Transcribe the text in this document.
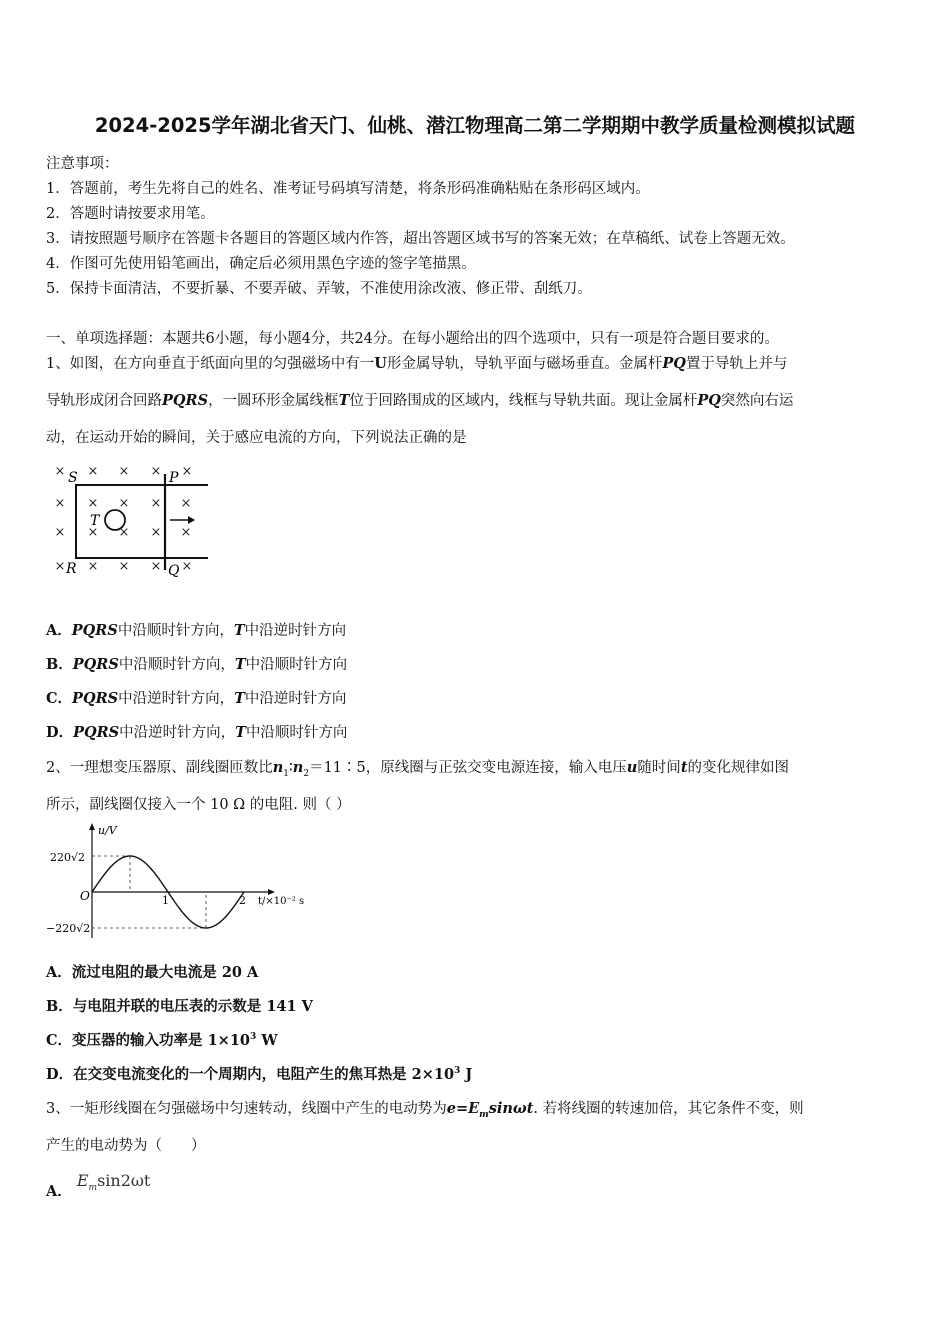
2024-2025学年湖北省天门、仙桃、潜江物理高二第二学期期中教学质量检测模拟试题
注意事项：
1．答题前，考生先将自己的姓名、准考证号码填写清楚，将条形码准确粘贴在条形码区域内。
2．答题时请按要求用笔。
3．请按照题号顺序在答题卡各题目的答题区域内作答，超出答题区域书写的答案无效；在草稿纸、试卷上答题无效。
4．作图可先使用铅笔画出，确定后必须用黑色字迹的签字笔描黑。
5．保持卡面清洁，不要折暴、不要弄破、弄皱，不准使用涂改液、修正带、刮纸刀。
一、单项选择题：本题共6小题，每小题4分，共24分。在每小题给出的四个选项中，只有一项是符合题目要求的。
1、如图，在方向垂直于纸面向里的匀强磁场中有一U形金属导轨，导轨平面与磁场垂直。金属杆PQ置于导轨上并与
导轨形成闭合回路PQRS，一圆环形金属线框T位于回路围成的区域内，线框与导轨共面。现让金属杆PQ突然向右运
动，在运动开始的瞬间，关于感应电流的方向，下列说法正确的是
× × × × ×
× × × × ×
× × × × ×
× × × × ×
S	P
T
R	Q
A．PQRS中沿顺时针方向，T中沿逆时针方向
B．PQRS中沿顺时针方向，T中沿顺时针方向
C．PQRS中沿逆时针方向，T中沿逆时针方向
D．PQRS中沿逆时针方向，T中沿顺时针方向
2、一理想变压器原、副线圈匝数比$n_1∶n_2=11∶5$，原线圈与正弦交变电源连接，输入电压u随时间t的变化规律如图
所示，副线圈仅接入一个 10 Ω 的电阻. 则（ ）
u/V
220√2
−220√2
O	1	2 t/×10⁻² s
A．流过电阻的最大电流是 20 A
B．与电阻并联的电压表的示数是 141 V
C．变压器的输入功率是 $1\times 10^3$ W
D．在交变电流变化的一个周期内，电阻产生的焦耳热是 $2\times 10^3$ J
3、一矩形线圈在匀强磁场中匀速转动，线圈中产生的电动势为$e=E_m\sin\omega t$. 若将线圈的转速加倍，其它条件不变，则
产生的电动势为（　　）
A． $E_m\sin 2\omega t$
